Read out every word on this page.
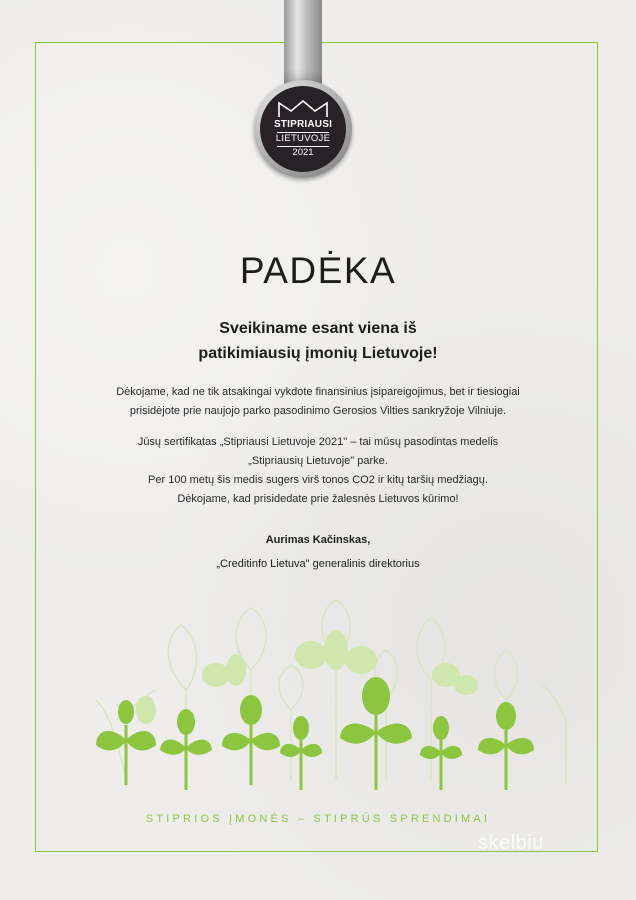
STIPRIAUSI
LIETUVOJE
2021
PADĖKA
Sveikiname esant viena iš
patikimiausių įmonių Lietuvoje!
Dėkojame, kad ne tik atsakingai vykdote finansinius įsipareigojimus, bet ir tiesiogiai
prisidėjote prie naujojo parko pasodinimo Gerosios Vilties sankryžoje Vilniuje.
Jūsų sertifikatas „Stipriausi Lietuvoje 2021" – tai mūsų pasodintas medelis
„Stipriausių Lietuvoje" parke.
Per 100 metų šis medis sugers virš tonos CO2 ir kitų taršių medžiagų.
Dėkojame, kad prisidedate prie žalesnės Lietuvos kūrimo!
Aurimas Kačinskas,
„Creditinfo Lietuva" generalinis direktorius
STIPRIOS ĮMONĖS – STIPRŪS SPRENDIMAI
skelbiu
